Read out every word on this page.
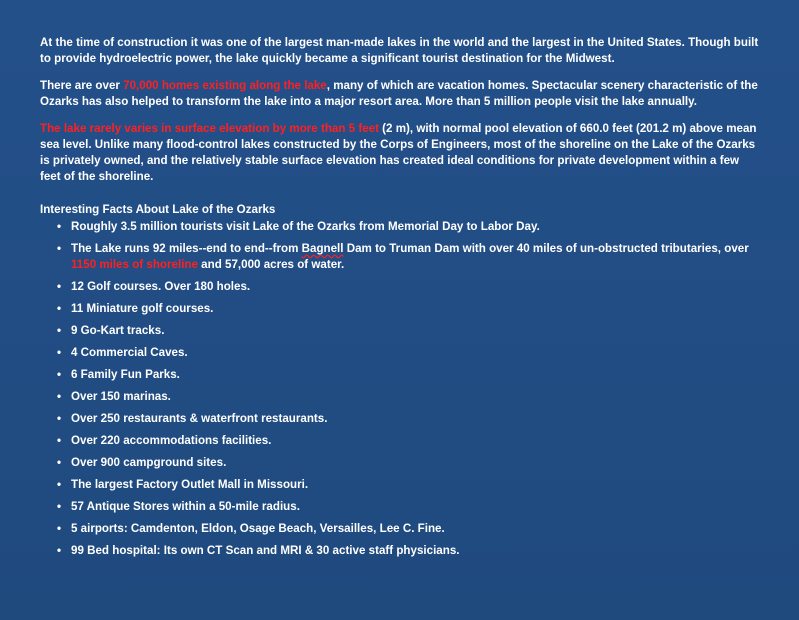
At the time of construction it was one of the largest man-made lakes in the world and the largest in the United States. Though built to provide hydroelectric power, the lake quickly became a significant tourist destination for the Midwest.

There are over 70,000 homes existing along the lake, many of which are vacation homes. Spectacular scenery characteristic of the Ozarks has also helped to transform the lake into a major resort area. More than 5 million people visit the lake annually.

The lake rarely varies in surface elevation by more than 5 feet (2 m), with normal pool elevation of 660.0 feet (201.2 m) above mean sea level. Unlike many flood-control lakes constructed by the Corps of Engineers, most of the shoreline on the Lake of the Ozarks is privately owned, and the relatively stable surface elevation has created ideal conditions for private development within a few feet of the shoreline.

Interesting Facts About Lake of the Ozarks
• Roughly 3.5 million tourists visit Lake of the Ozarks from Memorial Day to Labor Day.
• The Lake runs 92 miles--end to end--from Bagnell Dam to Truman Dam with over 40 miles of un-obstructed tributaries, over 1150 miles of shoreline and 57,000 acres of water.
• 12 Golf courses. Over 180 holes.
• 11 Miniature golf courses.
• 9 Go-Kart tracks.
• 4 Commercial Caves.
• 6 Family Fun Parks.
• Over 150 marinas.
• Over 250 restaurants & waterfront restaurants.
• Over 220 accommodations facilities.
• Over 900 campground sites.
• The largest Factory Outlet Mall in Missouri.
• 57 Antique Stores within a 50-mile radius.
• 5 airports: Camdenton, Eldon, Osage Beach, Versailles, Lee C. Fine.
• 99 Bed hospital: Its own CT Scan and MRI & 30 active staff physicians.
